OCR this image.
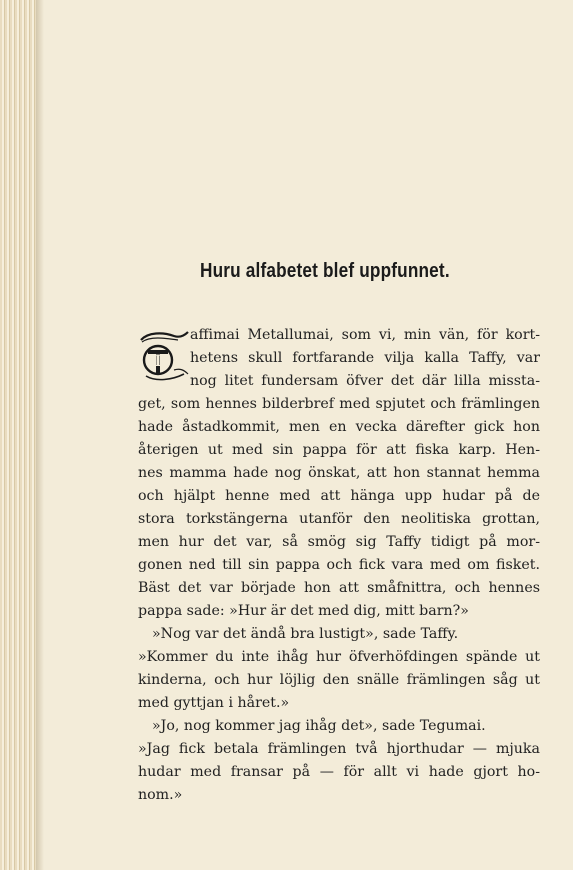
Huru alfabetet blef uppfunnet.
T
affimai Metallumai, som vi, min vän, för kort-
hetens skull fortfarande vilja kalla Taffy, var
nog litet fundersam öfver det där lilla missta-
get, som hennes bilderbref med spjutet och främlingen
hade åstadkommit, men en vecka därefter gick hon
återigen ut med sin pappa för att fiska karp. Hen-
nes mamma hade nog önskat, att hon stannat hemma
och hjälpt henne med att hänga upp hudar på de
stora torkstängerna utanför den neolitiska grottan,
men hur det var, så smög sig Taffy tidigt på mor-
gonen ned till sin pappa och fick vara med om fisket.
Bäst det var började hon att småfnittra, och hennes
pappa sade: »Hur är det med dig, mitt barn?»
»Nog var det ändå bra lustigt», sade Taffy.
»Kommer du inte ihåg hur öfverhöfdingen spände ut
kinderna, och hur löjlig den snälle främlingen såg ut
med gyttjan i håret.»
»Jo, nog kommer jag ihåg det», sade Tegumai.
»Jag fick betala främlingen två hjorthudar — mjuka
hudar med fransar på — för allt vi hade gjort ho-
nom.»
